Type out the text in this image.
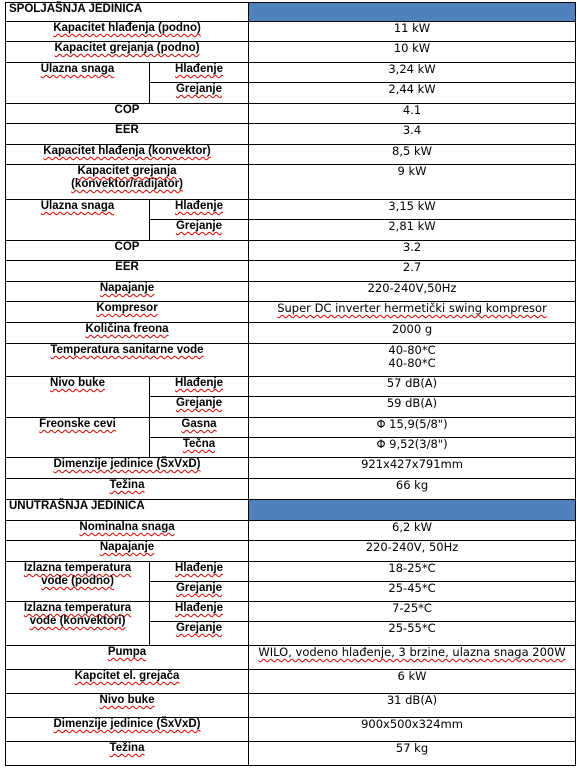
SPOLJAŠNJA JEDINICA		
Kapacitet hlađenja (podno)		11 kW
Kapacitet grejanja (podno)		10 kW
Ulazna snaga	Hlađenje	3,24 kW
	Grejanje	2,44 kW
COP		4.1
EER		3.4
Kapacitet hlađenja (konvektor)		8,5 kW

Kapacitet grejanja
(konvektor/radijator)		9 kW
Ulazna snaga	Hlađenje	3,15 kW
	Grejanje	2,81 kW
COP		3.2
EER		2.7
Napajanje		220-240V,50Hz
Kompresor		Super DC inverter hermetički swing kompresor
Količina freona		2000 g
Temperatura sanitarne vode		40-80*C
40-80*C

Nivo buke	Hlađenje	57 dB(A)
	Grejanje	59 dB(A)
Freonske cevi	Gasna	Φ 15,9(5/8")
	Tečna	Φ 9,52(3/8")
Dimenzije jedinice (ŠxVxD)		921x427x791mm
Težina		66 kg
UNUTRAŠNJA JEDINICA		
Nominalna snaga		6,2 kW
Napajanje		220-240V, 50Hz

Izlazna temperatura
vode (podno)	Hlađenje	18-25*C
	Grejanje	25-45*C

Izlazna temperatura
vode (konvektori)	Hlađenje	7-25*C
	Grejanje	25-55*C
Pumpa		WILO, vodeno hlađenje, 3 brzine, ulazna snaga 200W
Kapcitet el. grejača		6 kW
Nivo buke		31 dB(A)
Dimenzije jedinice (ŠxVxD)		900x500x324mm
Težina		57 kg
